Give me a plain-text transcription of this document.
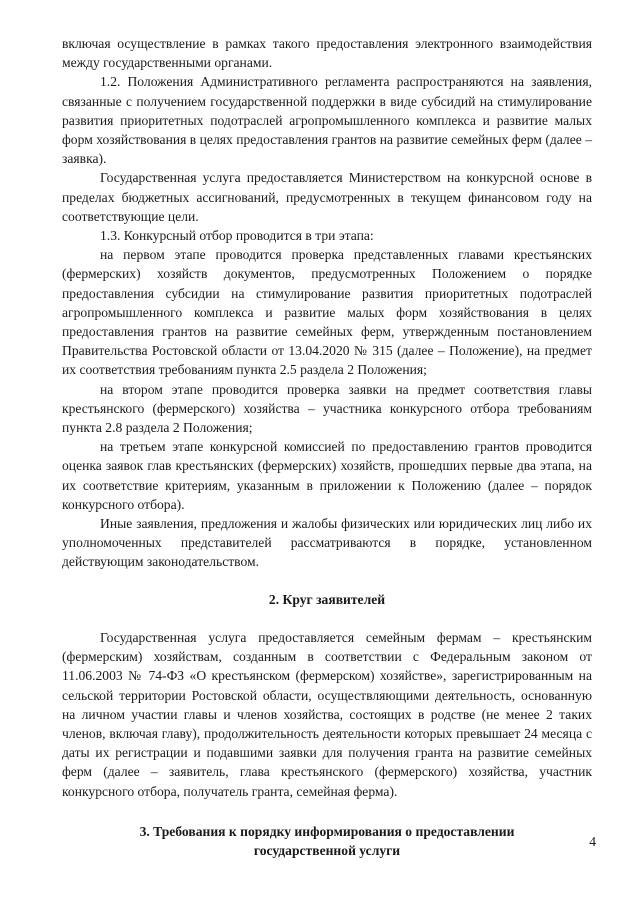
включая осуществление в рамках такого предоставления электронного взаимодействия между государственными органами.

1.2. Положения Административного регламента распространяются на заявления, связанные с получением государственной поддержки в виде субсидий на стимулирование развития приоритетных подотраслей агропромышленного комплекса и развитие малых форм хозяйствования в целях предоставления грантов на развитие семейных ферм (далее – заявка).

Государственная услуга предоставляется Министерством на конкурсной основе в пределах бюджетных ассигнований, предусмотренных в текущем финансовом году на соответствующие цели.

1.3. Конкурсный отбор проводится в три этапа:

на первом этапе проводится проверка представленных главами крестьянских (фермерских) хозяйств документов, предусмотренных Положением о порядке предоставления субсидии на стимулирование развития приоритетных подотраслей агропромышленного комплекса и развитие малых форм хозяйствования в целях предоставления грантов на развитие семейных ферм, утвержденным постановлением Правительства Ростовской области от 13.04.2020 № 315 (далее – Положение), на предмет их соответствия требованиям пункта 2.5 раздела 2 Положения;

на втором этапе проводится проверка заявки на предмет соответствия главы крестьянского (фермерского) хозяйства – участника конкурсного отбора требованиям пункта 2.8 раздела 2 Положения;

на третьем этапе конкурсной комиссией по предоставлению грантов проводится оценка заявок глав крестьянских (фермерских) хозяйств, прошедших первые два этапа, на их соответствие критериям, указанным в приложении к Положению (далее – порядок конкурсного отбора).

Иные заявления, предложения и жалобы физических или юридических лиц либо их уполномоченных представителей рассматриваются в порядке, установленном действующим законодательством.

2. Круг заявителей

Государственная услуга предоставляется семейным фермам – крестьянским (фермерским) хозяйствам, созданным в соответствии с Федеральным законом от 11.06.2003 № 74-ФЗ «О крестьянском (фермерском) хозяйстве», зарегистрированным на сельской территории Ростовской области, осуществляющими деятельность, основанную на личном участии главы и членов хозяйства, состоящих в родстве (не менее 2 таких членов, включая главу), продолжительность деятельности которых превышает 24 месяца с даты их регистрации и подавшими заявки для получения гранта на развитие семейных ферм (далее – заявитель, глава крестьянского (фермерского) хозяйства, участник конкурсного отбора, получатель гранта, семейная ферма).

3. Требования к порядку информирования о предоставлении
государственной услуги
4
